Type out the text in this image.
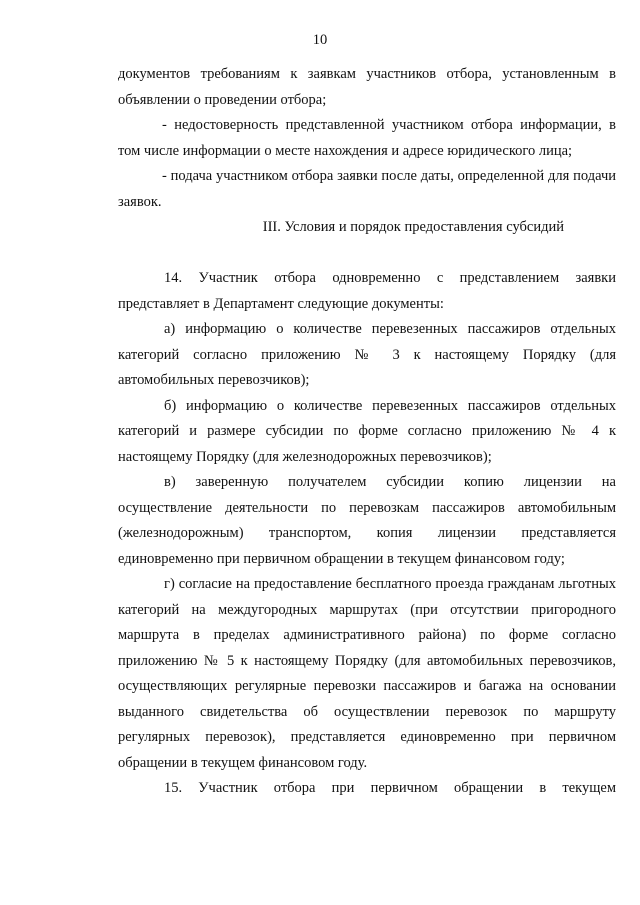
10

документов требованиям к заявкам участников отбора, установленным в объявлении о проведении отбора;

- недостоверность представленной участником отбора информации, в том числе информации о месте нахождения и адресе юридического лица;

- подача участником отбора заявки после даты, определенной для подачи заявок.

III. Условия и порядок предоставления субсидий

14. Участник отбора одновременно с представлением заявки представляет в Департамент следующие документы:

а) информацию о количестве перевезенных пассажиров отдельных категорий согласно приложению № 3 к настоящему Порядку (для автомобильных перевозчиков);

б) информацию о количестве перевезенных пассажиров отдельных категорий и размере субсидии по форме согласно приложению № 4 к настоящему Порядку (для железнодорожных перевозчиков);

в) заверенную получателем субсидии копию лицензии на осуществление деятельности по перевозкам пассажиров автомобильным (железнодорожным) транспортом, копия лицензии представляется единовременно при первичном обращении в текущем финансовом году;

г) согласие на предоставление бесплатного проезда гражданам льготных категорий на междугородных маршрутах (при отсутствии пригородного маршрута в пределах административного района) по форме согласно приложению № 5 к настоящему Порядку (для автомобильных перевозчиков, осуществляющих регулярные перевозки пассажиров и багажа на основании выданного свидетельства об осуществлении перевозок по маршруту регулярных перевозок), представляется единовременно при первичном обращении в текущем финансовом году.

15. Участник отбора при первичном обращении в текущем
